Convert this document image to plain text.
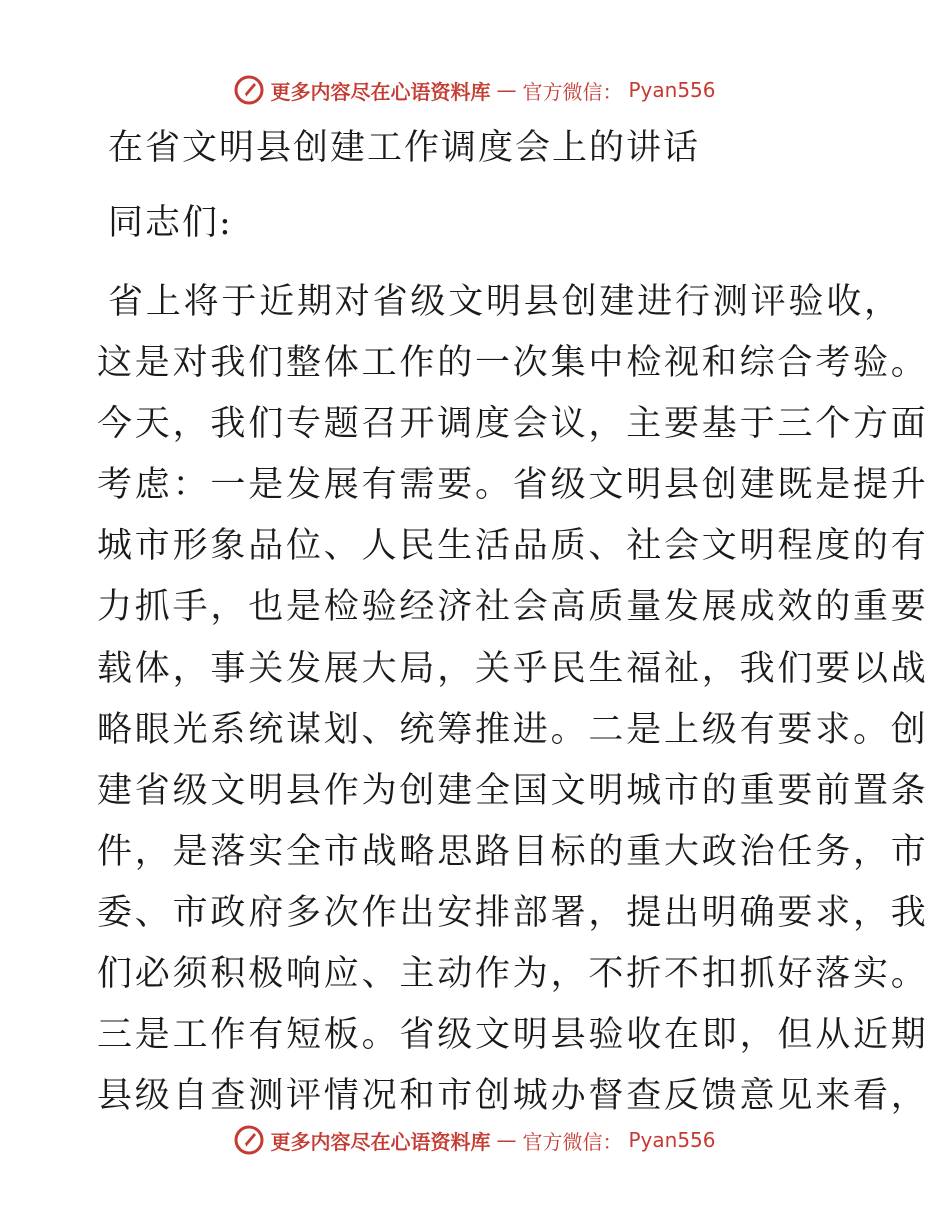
更多内容尽在心语资料库 — 官方微信： Pyan556
在省文明县创建工作调度会上的讲话
同志们:
省上将于近期对省级文明县创建进行测评验收，
这是对我们整体工作的一次集中检视和综合考验。
今天，我们专题召开调度会议，主要基于三个方面
考虑：一是发展有需要。省级文明县创建既是提升
城市形象品位、人民生活品质、社会文明程度的有
力抓手，也是检验经济社会高质量发展成效的重要
载体，事关发展大局，关乎民生福祉，我们要以战
略眼光系统谋划、统筹推进。二是上级有要求。创
建省级文明县作为创建全国文明城市的重要前置条
件，是落实全市战略思路目标的重大政治任务，市
委、市政府多次作出安排部署，提出明确要求，我
们必须积极响应、主动作为，不折不扣抓好落实。
三是工作有短板。省级文明县验收在即，但从近期
县级自查测评情况和市创城办督查反馈意见来看，
更多内容尽在心语资料库 — 官方微信： Pyan556
